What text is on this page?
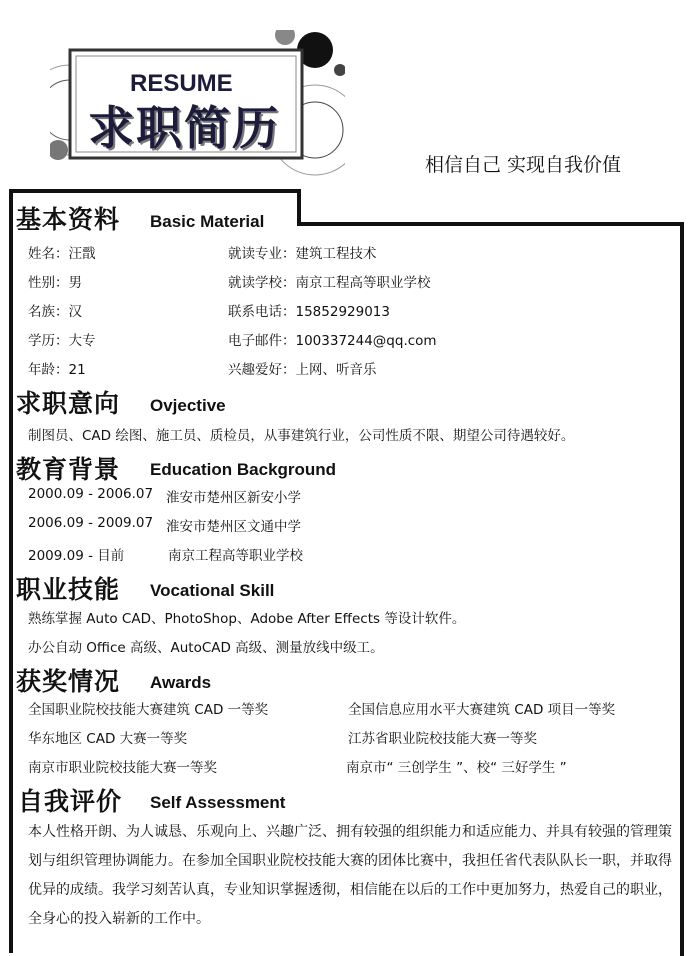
RESUME
求职简历
相信自己 实现自我价值
基本资料 Basic Material
姓名：汪戬
性别：男
名族：汉
学历：大专
年龄：21
就读专业：建筑工程技术
就读学校：南京工程高等职业学校
联系电话：15852929013
电子邮件：100337244@qq.com
兴趣爱好：上网、听音乐
求职意向 Ovjective
制图员、CAD 绘图、施工员、质检员，从事建筑行业，公司性质不限、期望公司待遇较好。
教育背景 Education Background
2000.09 - 2006.07 淮安市楚州区新安小学
2006.09 - 2009.07 淮安市楚州区文通中学
2009.09 - 目前	南京工程高等职业学校
职业技能 Vocational Skill
熟练掌握 Auto CAD、PhotoShop、Adobe After Effects 等设计软件。
办公自动 Office 高级、AutoCAD 高级、测量放线中级工。
获奖情况 Awards
全国职业院校技能大赛建筑 CAD 一等奖
华东地区 CAD 大赛一等奖
南京市职业院校技能大赛一等奖
全国信息应用水平大赛建筑 CAD 项目一等奖
江苏省职业院校技能大赛一等奖
南京市“ 三创学生 ”、校“ 三好学生 ”
自我评价 Self Assessment
本人性格开朗、为人诚恳、乐观向上、兴趣广泛、拥有较强的组织能力和适应能力、并具有较强的管理策划与组织管理协调能力。在参加全国职业院校技能大赛的团体比赛中，我担任省代表队队长一职，并取得优异的成绩。我学习刻苦认真，专业知识掌握透彻，相信能在以后的工作中更加努力，热爱自己的职业，全身心的投入崭新的工作中。
